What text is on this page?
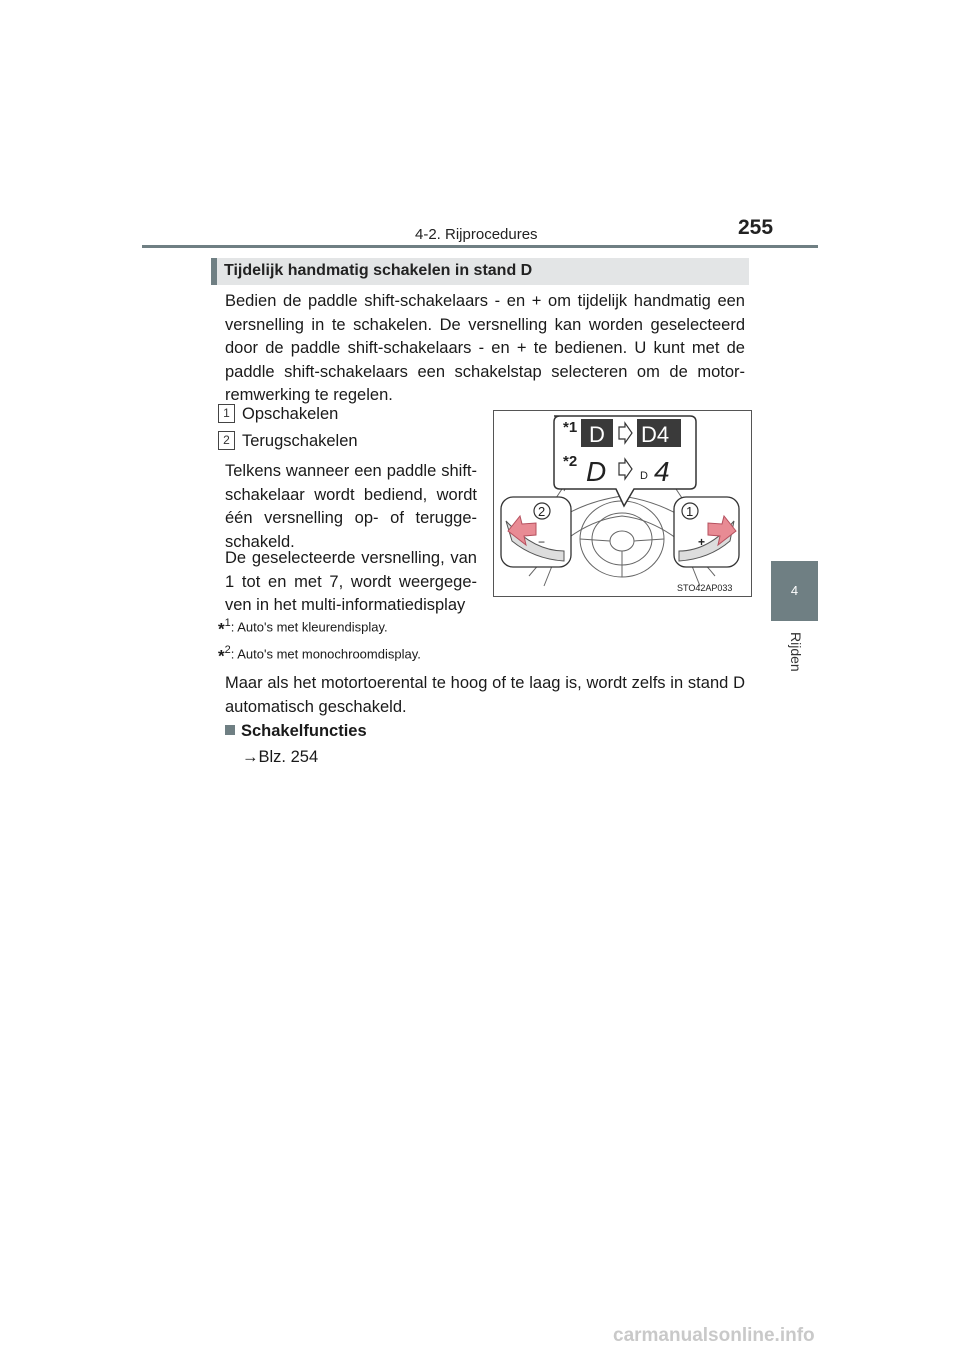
4-2. Rijprocedures	255
4
Rijden
Tijdelijk handmatig schakelen in stand D
Bedien de paddle shift-schakelaars - en + om tijdelijk handmatig een versnelling in te schakelen. De versnelling kan worden geselecteerd door de paddle shift-schakelaars - en + te bedienen. U kunt met de paddle shift-schakelaars een schakelstap selecteren om de motor-remwerking te regelen.
1 Opschakelen
2 Terugschakelen
Telkens wanneer een paddle shift-schakelaar wordt bediend, wordt één versnelling op- of terugge-schakeld.
De geselecteerde versnelling, van 1 tot en met 7, wordt weergege-ven in het multi-informatiedisplay
*1 D D4
*2 D	D 4
2
−
1
+
STO42AP033
*$^1$: Auto's met kleurendisplay.
*$^2$: Auto's met monochroomdisplay.
Maar als het motortoerental te hoog of te laag is, wordt zelfs in stand D automatisch geschakeld.
Schakelfuncties
→Blz. 254
carmanualsonline.info
